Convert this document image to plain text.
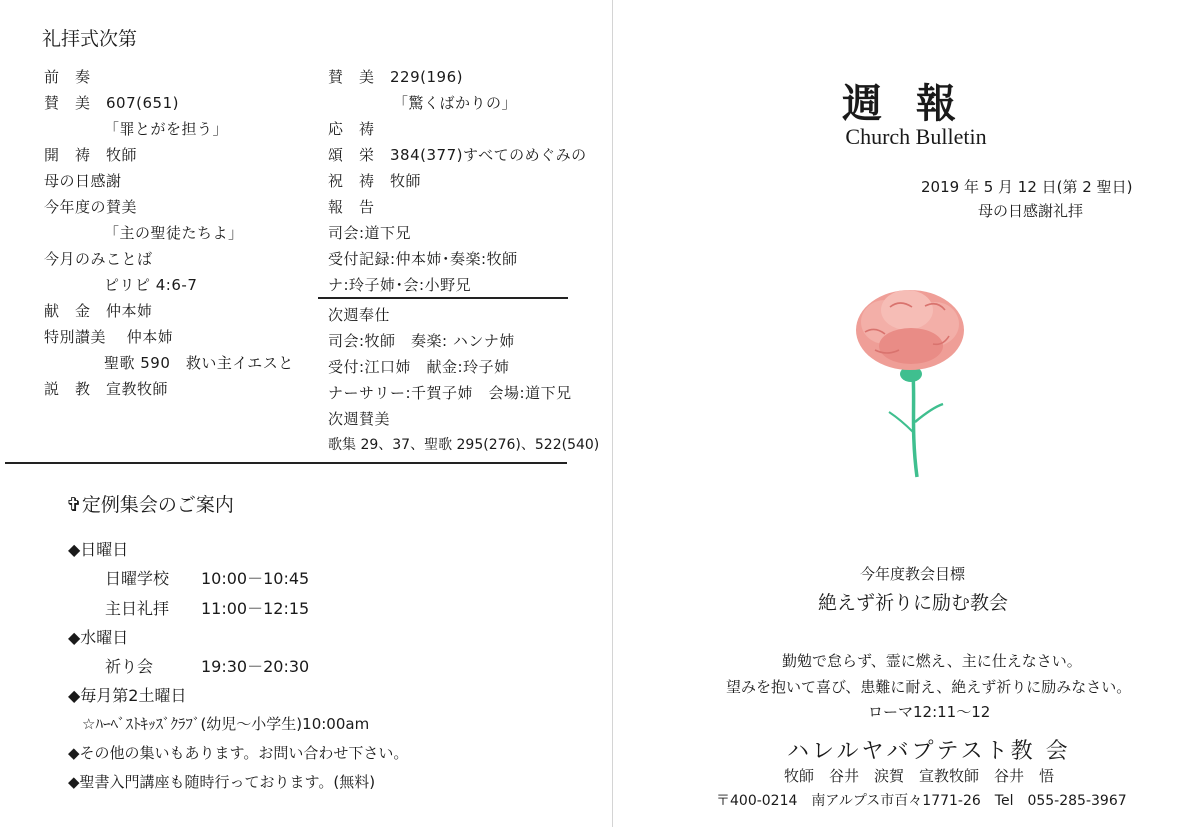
礼拝式次第
前　奏
賛　美　607(651)
「罪とがを担う」
開　祷　牧師
母の日感謝
今年度の賛美
「主の聖徒たちよ」
今月のみことば
ピリピ 4:6-7
献　金　仲本姉
特別讃美　 仲本姉
聖歌 590　救い主イエスと
説　教　宣教牧師
賛　美　229(196)
「驚くばかりの」
応　祷
頌　栄　384(377)すべてのめぐみの
祝　祷　牧師
報　告
司会:道下兄
受付記録:仲本姉･奏楽:牧師
ナ:玲子姉･会:小野兄
次週奉仕
司会:牧師　奏楽: ハンナ姉
受付:江口姉　献金:玲子姉
ナーサリー:千賀子姉　会場:道下兄
次週賛美
歌集 29、37、聖歌 295(276)、522(540)
✞定例集会のご案内
◆日曜日
日曜学校　　10:00－10:45
主日礼拝　　11:00－12:15
◆水曜日
祈り会　　　19:30－20:30
◆毎月第2土曜日
☆ﾊｰﾍﾞｽﾄｷｯｽﾞｸﾗﾌﾞ(幼児～小学生)10:00am
◆その他の集いもあります。お問い合わせ下さい。
◆聖書入門講座も随時行っております。(無料)
週報
Church Bulletin
2019 年 5 月 12 日(第 2 聖日)
母の日感謝礼拝
今年度教会目標
絶えず祈りに励む教会
勤勉で怠らず、霊に燃え、主に仕えなさい。
望みを抱いて喜び、患難に耐え、絶えず祈りに励みなさい。
ローマ12:11～12
ハレルヤバプテスト教 会
牧師　谷井　涙賀　宣教牧師　谷井　悟
〒400-0214　南アルプス市百々1771-26　Tel　055-285-3967
